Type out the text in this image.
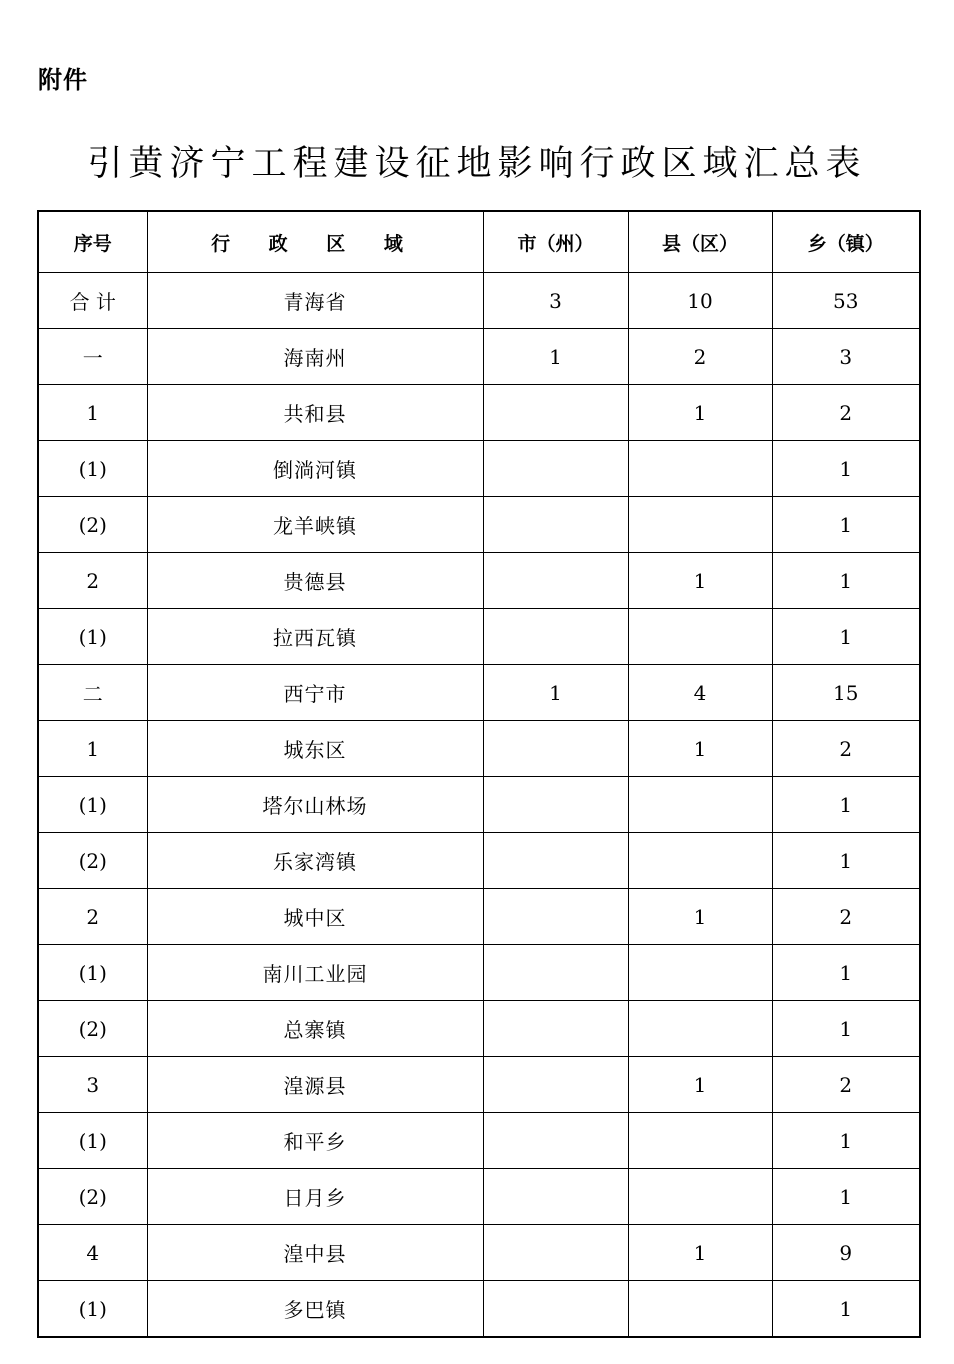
附件
引黄济宁工程建设征地影响行政区域汇总表
序号	行 政 区 域	市（州）	县（区）	乡（镇）
合 计	青海省	3	10	53
一	海南州	1	2	3
1	共和县		1	2
(1)	倒淌河镇			1
(2)	龙羊峡镇			1
2	贵德县		1	1
(1)	拉西瓦镇			1
二	西宁市	1	4	15
1	城东区		1	2
(1)	塔尔山林场			1
(2)	乐家湾镇			1
2	城中区		1	2
(1)	南川工业园			1
(2)	总寨镇			1
3	湟源县		1	2
(1)	和平乡			1
(2)	日月乡			1
4	湟中县		1	9
(1)	多巴镇			1
